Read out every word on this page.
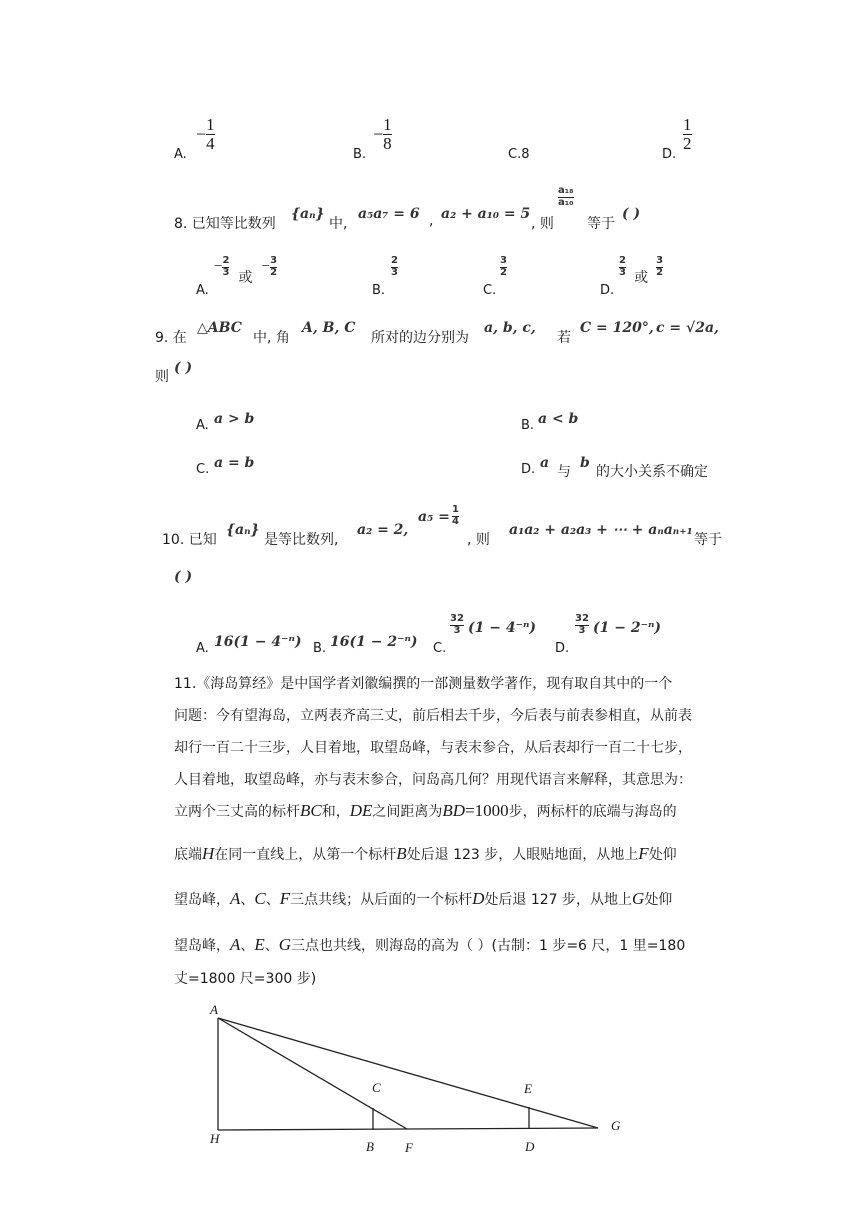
A.
− $\frac{1}{4}$
B.
− $\frac{1}{8}$
C.8	D.
$\frac{1}{2}$
8. 已知等比数列
{aₙ}
中,
a₅a₇ = 6 , a₂ + a₁₀ = 5
, 则
$\frac{\text{a₁₈}}{\text{a₁₀}}$
等于
( )
A.
− $\frac{2}{3}$ 或 − $\frac{3}{2}$
B.
$\frac{2}{3}$
C.
$\frac{3}{2}$
D.
$\frac{2}{3}$ 或 $\frac{3}{2}$
9. 在
△ABC
中, 角
A, B, C
所对的边分别为
a, b, c,
若
C = 120°, c = √2a,
则
( )
A. a > b	B. a < b
C. a = b	D. a
与
b
的大小关系不确定
10. 已知
{aₙ}
是等比数列,
a₂ = 2,
$a_5 = \frac{1}{4}$
, 则
a₁a₂ + a₂a₃ + ⋯ + aₙaₙ₊₁
等于
( )
A. 16(1 − 4⁻ⁿ) B. 16(1 − 2⁻ⁿ) C.
$\frac{32}{3} (1 - 4^{-n})$
D.
$\frac{32}{3} (1 - 2^{-n})$
11.《海岛算经》是中国学者刘徽编撰的一部测量数学著作，现有取自其中的一个
问题：今有望海岛，立两表齐高三丈，前后相去千步，今后表与前表参相直，从前表
却行一百二十三步，人目着地，取望岛峰，与表末参合，从后表却行一百二十七步，
人目着地，取望岛峰，亦与表末参合，问岛高几何？用现代语言来解释，其意思为：
立两个三丈高的标杆BC和，DE之间距离为BD=1000步，两标杆的底端与海岛的
底端H在同一直线上，从第一个标杆B处后退 123 步，人眼贴地面，从地上F处仰
望岛峰，A、C、F三点共线；从后面的一个标杆D处后退 127 步，从地上G处仰
望岛峰，A、E、G三点也共线，则海岛的高为（ ）(古制：1 步=6 尺，1 里=180
丈=1800 尺=300 步)
A
H
C
B F
E
D
G
